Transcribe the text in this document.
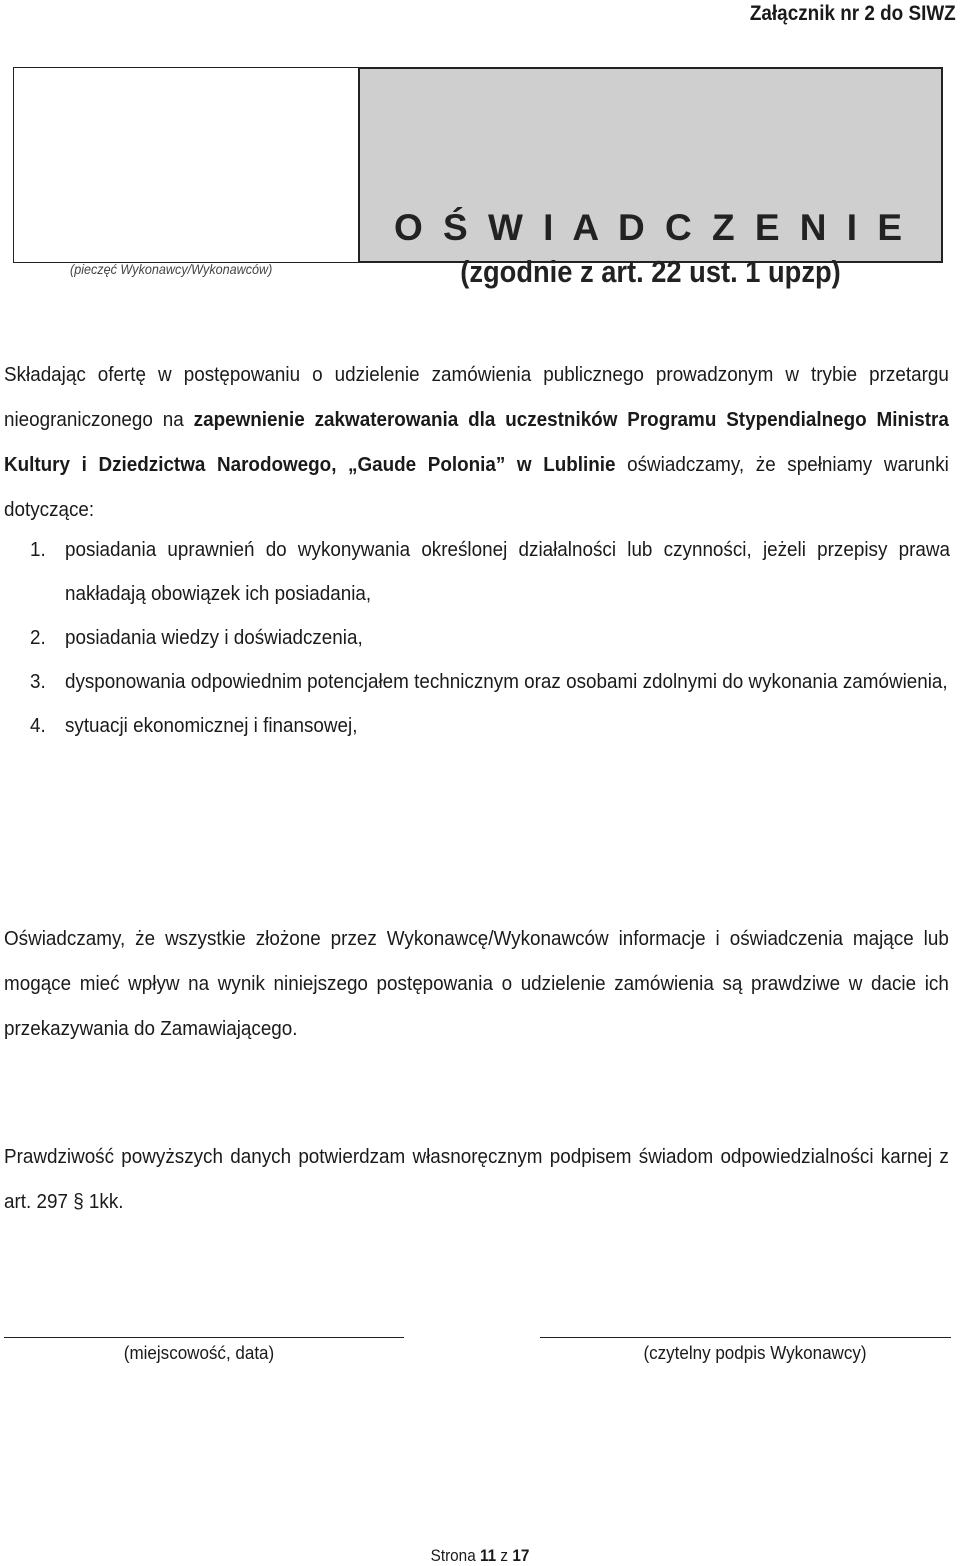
Załącznik nr 2 do SIWZ
O Ś W I A D C Z E N I E
(zgodnie z art. 22 ust. 1 upzp)
(pieczęć Wykonawcy/Wykonawców)
Składając ofertę w postępowaniu o udzielenie zamówienia publicznego prowadzonym w trybie przetargu nieograniczonego na zapewnienie zakwaterowania dla uczestników Programu Stypendialnego Ministra Kultury i Dziedzictwa Narodowego, „Gaude Polonia” w Lublinie oświadczamy, że spełniamy warunki dotyczące:
1. posiadania uprawnień do wykonywania określonej działalności lub czynności, jeżeli przepisy prawa nakładają obowiązek ich posiadania,
2. posiadania wiedzy i doświadczenia,
3. dysponowania odpowiednim potencjałem technicznym oraz osobami zdolnymi do wykonania zamówienia,
4. sytuacji ekonomicznej i finansowej,
Oświadczamy, że wszystkie złożone przez Wykonawcę/Wykonawców informacje i oświadczenia mające lub mogące mieć wpływ na wynik niniejszego postępowania o udzielenie zamówienia są prawdziwe w dacie ich przekazywania do Zamawiającego.
Prawdziwość powyższych danych potwierdzam własnoręcznym podpisem świadom odpowiedzialności karnej z art. 297 § 1kk.
(miejscowość, data)	(czytelny podpis Wykonawcy)
Strona 11 z 17
